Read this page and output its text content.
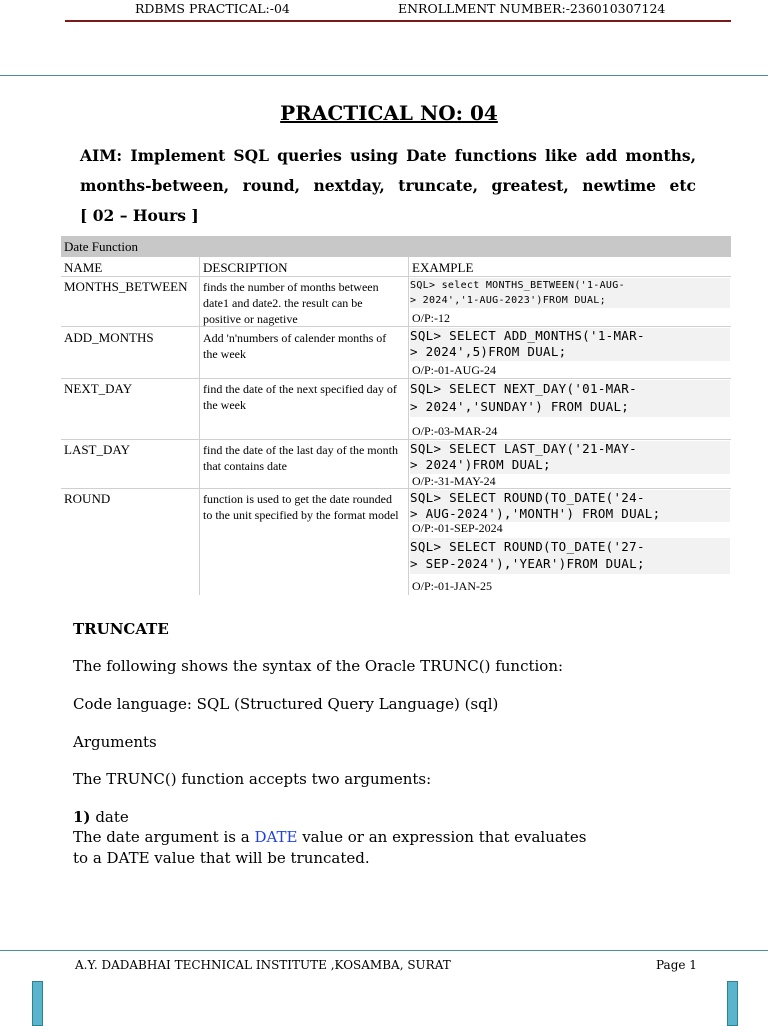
RDBMS PRACTICAL:-04	ENROLLMENT NUMBER:-236010307124
PRACTICAL NO: 04
AIM: Implement SQL queries using Date functions like add months,
months-between, round, nextday, truncate, greatest, newtime etc
[ 02 – Hours ]
Date Function
NAME	DESCRIPTION	EXAMPLE
MONTHS_BETWEEN finds the number of months between date1 and date2. the result can be positive or nagetive
SQL> select MONTHS_BETWEEN('1-AUG-
> 2024','1-AUG-2023')FROM DUAL;
O/P:-12
ADD_MONTHS	Add 'n'numbers of calender months of the week
SQL> SELECT ADD_MONTHS('1-MAR-
> 2024',5)FROM DUAL;
O/P:-01-AUG-24
NEXT_DAY	find the date of the next specified day of the week
SQL> SELECT NEXT_DAY('01-MAR-
> 2024','SUNDAY') FROM DUAL;
O/P:-03-MAR-24
LAST_DAY	find the date of the last day of the month that contains date
SQL> SELECT LAST_DAY('21-MAY-
> 2024')FROM DUAL;
O/P:-31-MAY-24
ROUND	function is used to get the date rounded to the unit specified by the format model
SQL> SELECT ROUND(TO_DATE('24-
> AUG-2024'),'MONTH') FROM DUAL;
O/P:-01-SEP-2024
SQL> SELECT ROUND(TO_DATE('27-
> SEP-2024'),'YEAR')FROM DUAL;
O/P:-01-JAN-25
TRUNCATE
The following shows the syntax of the Oracle TRUNC() function:
Code language: SQL (Structured Query Language) (sql)
Arguments
The TRUNC() function accepts two arguments:
1) date
The date argument is a DATE value or an expression that evaluates
to a DATE value that will be truncated.
A.Y. DADABHAI TECHNICAL INSTITUTE ,KOSAMBA, SURAT	Page 1
